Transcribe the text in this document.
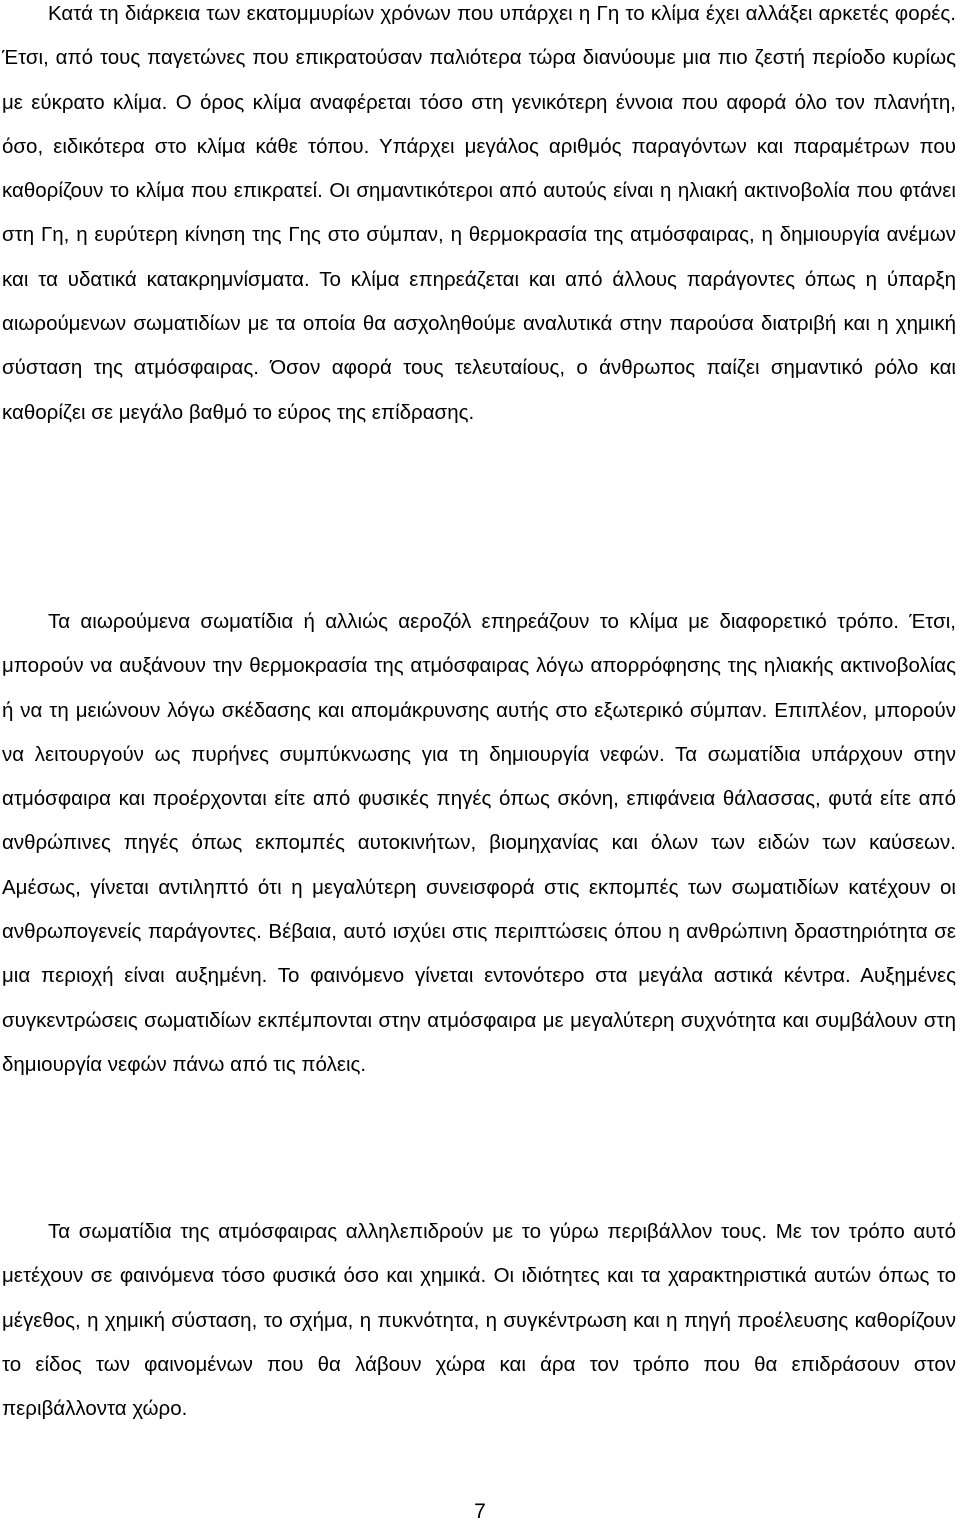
Κατά τη διάρκεια των εκατομμυρίων χρόνων που υπάρχει η Γη το κλίμα έχει αλλάξει αρκετές φορές. Έτσι, από τους παγετώνες που επικρατούσαν παλιότερα τώρα διανύουμε μια πιο ζεστή περίοδο κυρίως με εύκρατο κλίμα. Ο όρος κλίμα αναφέρεται τόσο στη γενικότερη έννοια που αφορά όλο τον πλανήτη, όσο, ειδικότερα στο κλίμα κάθε τόπου. Υπάρχει μεγάλος αριθμός παραγόντων και παραμέτρων που καθορίζουν το κλίμα που επικρατεί. Οι σημαντικότεροι από αυτούς είναι η ηλιακή ακτινοβολία που φτάνει στη Γη, η ευρύτερη κίνηση της Γης στο σύμπαν, η θερμοκρασία της ατμόσφαιρας, η δημιουργία ανέμων και τα υδατικά κατακρημνίσματα. Το κλίμα επηρεάζεται και από άλλους παράγοντες όπως η ύπαρξη αιωρούμενων σωματιδίων με τα οποία θα ασχοληθούμε αναλυτικά στην παρούσα διατριβή και η χημική σύσταση της ατμόσφαιρας. Όσον αφορά τους τελευταίους, ο άνθρωπος παίζει σημαντικό ρόλο και καθορίζει σε μεγάλο βαθμό το εύρος της επίδρασης.

Τα αιωρούμενα σωματίδια ή αλλιώς αεροζόλ επηρεάζουν το κλίμα με διαφορετικό τρόπο. Έτσι, μπορούν να αυξάνουν την θερμοκρασία της ατμόσφαιρας λόγω απορρόφησης της ηλιακής ακτινοβολίας ή να τη μειώνουν λόγω σκέδασης και απομάκρυνσης αυτής στο εξωτερικό σύμπαν. Επιπλέον, μπορούν να λειτουργούν ως πυρήνες συμπύκνωσης για τη δημιουργία νεφών. Τα σωματίδια υπάρχουν στην ατμόσφαιρα και προέρχονται είτε από φυσικές πηγές όπως σκόνη, επιφάνεια θάλασσας, φυτά είτε από ανθρώπινες πηγές όπως εκπομπές αυτοκινήτων, βιομηχανίας και όλων των ειδών των καύσεων. Αμέσως, γίνεται αντιληπτό ότι η μεγαλύτερη συνεισφορά στις εκπομπές των σωματιδίων κατέχουν οι ανθρωπογενείς παράγοντες. Βέβαια, αυτό ισχύει στις περιπτώσεις όπου η ανθρώπινη δραστηριότητα σε μια περιοχή είναι αυξημένη. Το φαινόμενο γίνεται εντονότερο στα μεγάλα αστικά κέντρα. Αυξημένες συγκεντρώσεις σωματιδίων εκπέμπονται στην ατμόσφαιρα με μεγαλύτερη συχνότητα και συμβάλουν στη δημιουργία νεφών πάνω από τις πόλεις.

Τα σωματίδια της ατμόσφαιρας αλληλεπιδρούν με το γύρω περιβάλλον τους. Με τον τρόπο αυτό μετέχουν σε φαινόμενα τόσο φυσικά όσο και χημικά. Οι ιδιότητες και τα χαρακτηριστικά αυτών όπως το μέγεθος, η χημική σύσταση, το σχήμα, η πυκνότητα, η συγκέντρωση και η πηγή προέλευσης καθορίζουν το είδος των φαινομένων που θα λάβουν χώρα και άρα τον τρόπο που θα επιδράσουν στον περιβάλλοντα χώρο.

7
